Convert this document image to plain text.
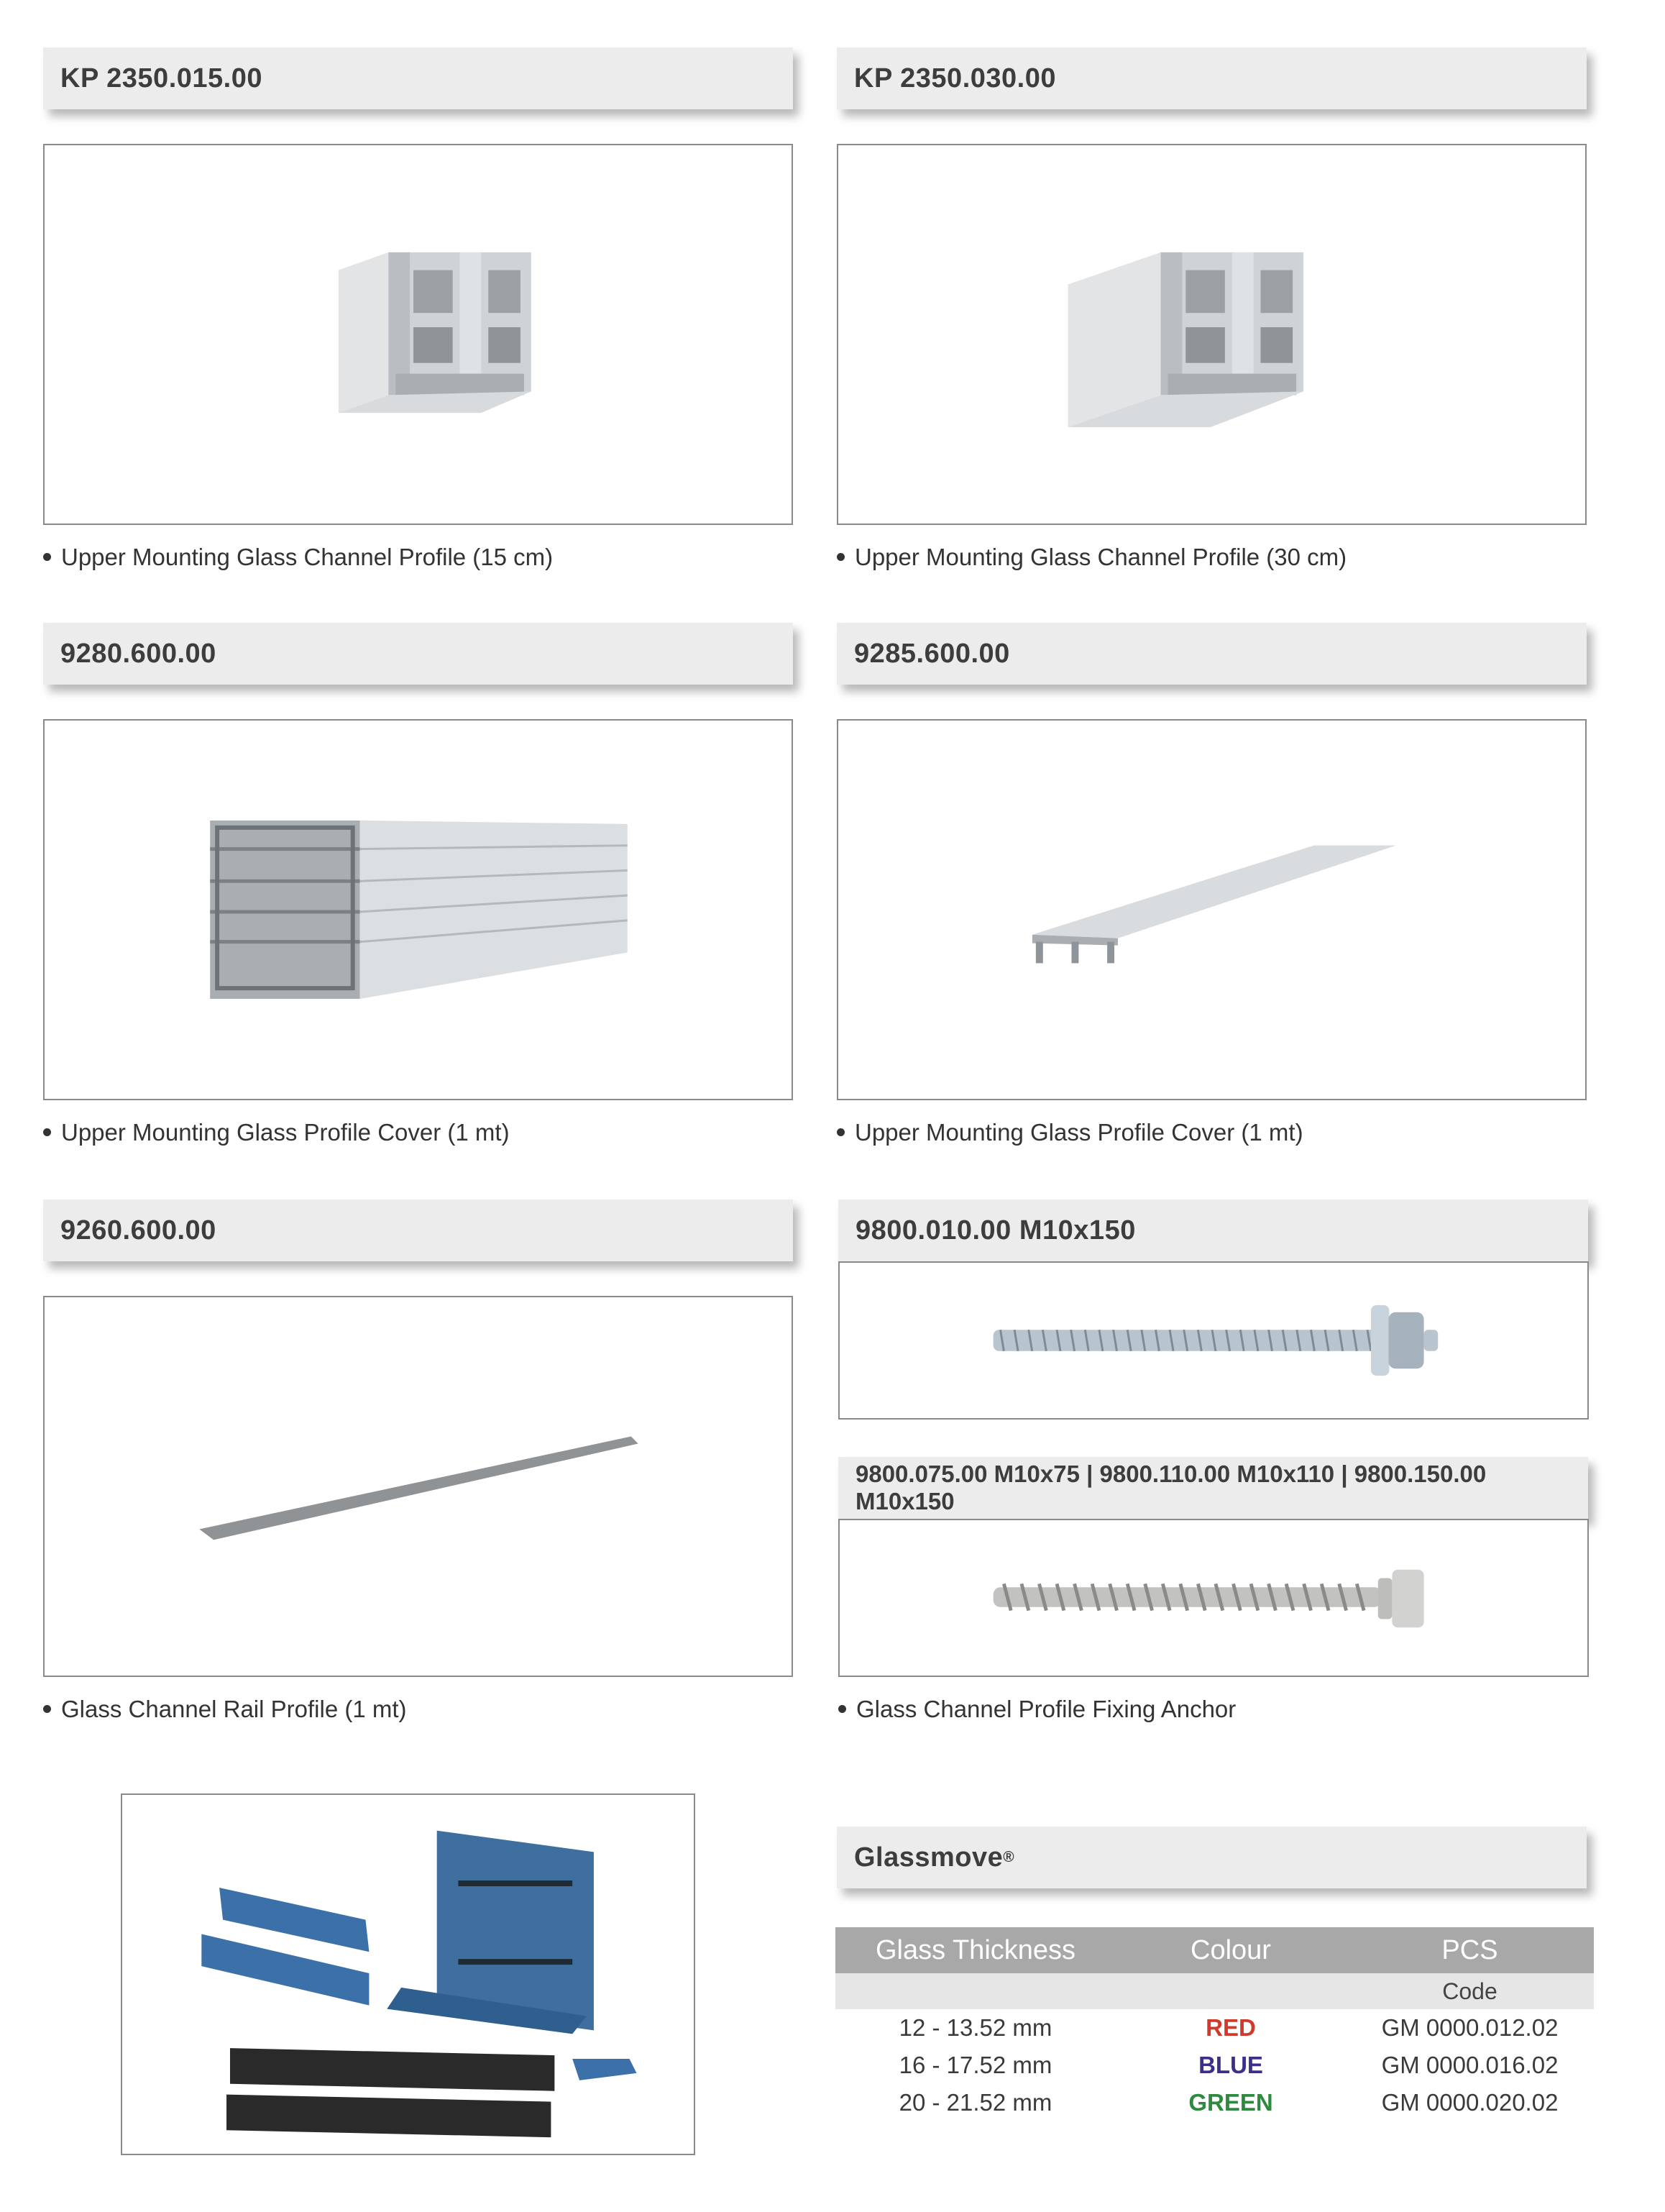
KP 2350.015.00	KP 2350.030.00
Upper Mounting Glass Channel Profile (15 cm)	Upper Mounting Glass Channel Profile (30 cm)
9280.600.00	9285.600.00
Upper Mounting Glass Profile Cover (1 mt)	Upper Mounting Glass Profile Cover (1 mt)
9260.600.00
Glass Channel Rail Profile (1 mt)
9800.010.00 M10x150
9800.075.00 M10x75 | 9800.110.00 M10x110 | 9800.150.00 M10x150
Glass Channel Profile Fixing Anchor
Glassmove ®
Glass Thickness	Colour	PCS
		Code
12 - 13.52 mm	RED	GM 0000.012.02
16 - 17.52 mm	BLUE	GM 0000.016.02
20 - 21.52 mm	GREEN	GM 0000.020.02
